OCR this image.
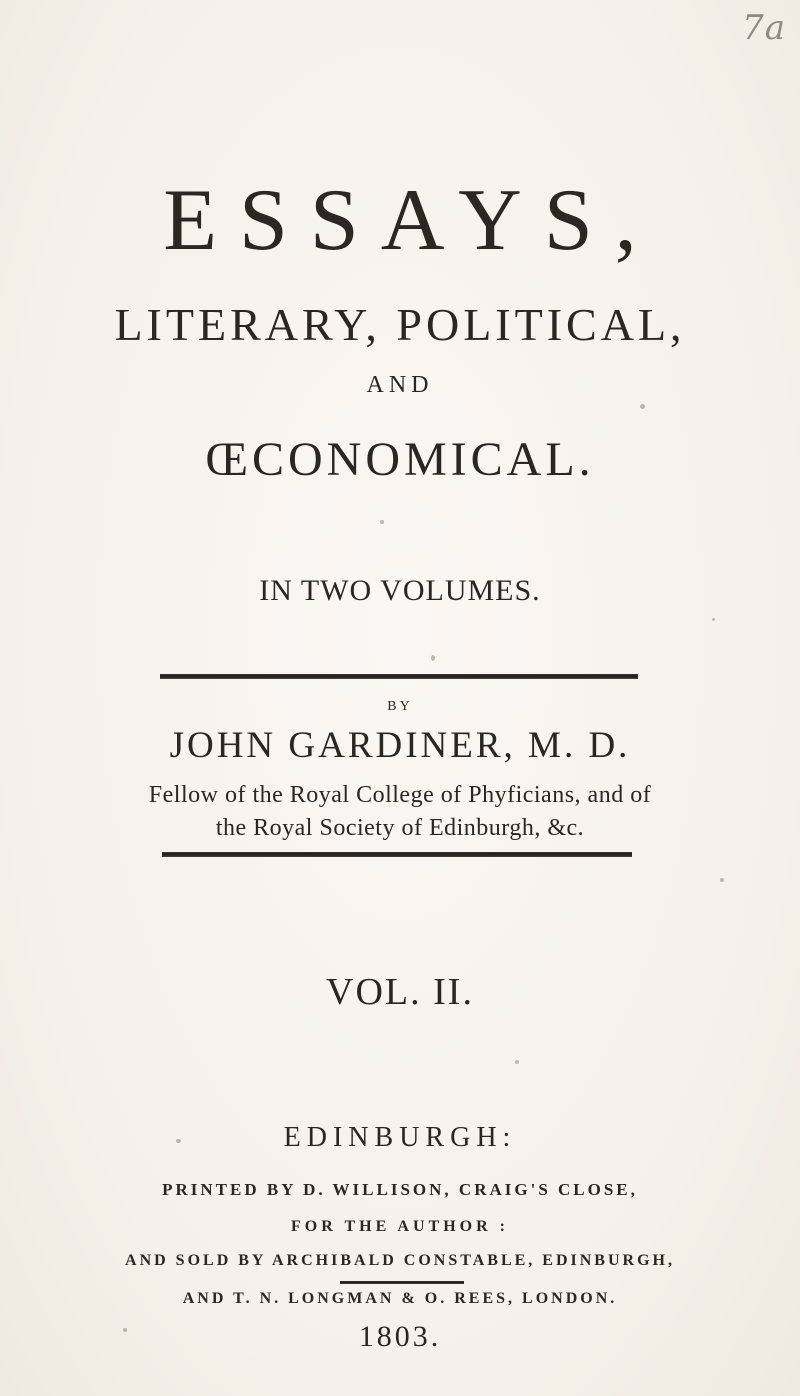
7a
ESSAYS,
LITERARY, POLITICAL,
AND
ŒCONOMICAL.
IN TWO VOLUMES.
BY
JOHN GARDINER, M. D.
Fellow of the Royal College of Phyficians, and of
the Royal Society of Edinburgh, &c.
VOL. II.
EDINBURGH:
PRINTED BY D. WILLISON, CRAIG'S CLOSE,
FOR THE AUTHOR :
AND SOLD BY ARCHIBALD CONSTABLE, EDINBURGH,
AND T. N. LONGMAN & O. REES, LONDON.
1803.
